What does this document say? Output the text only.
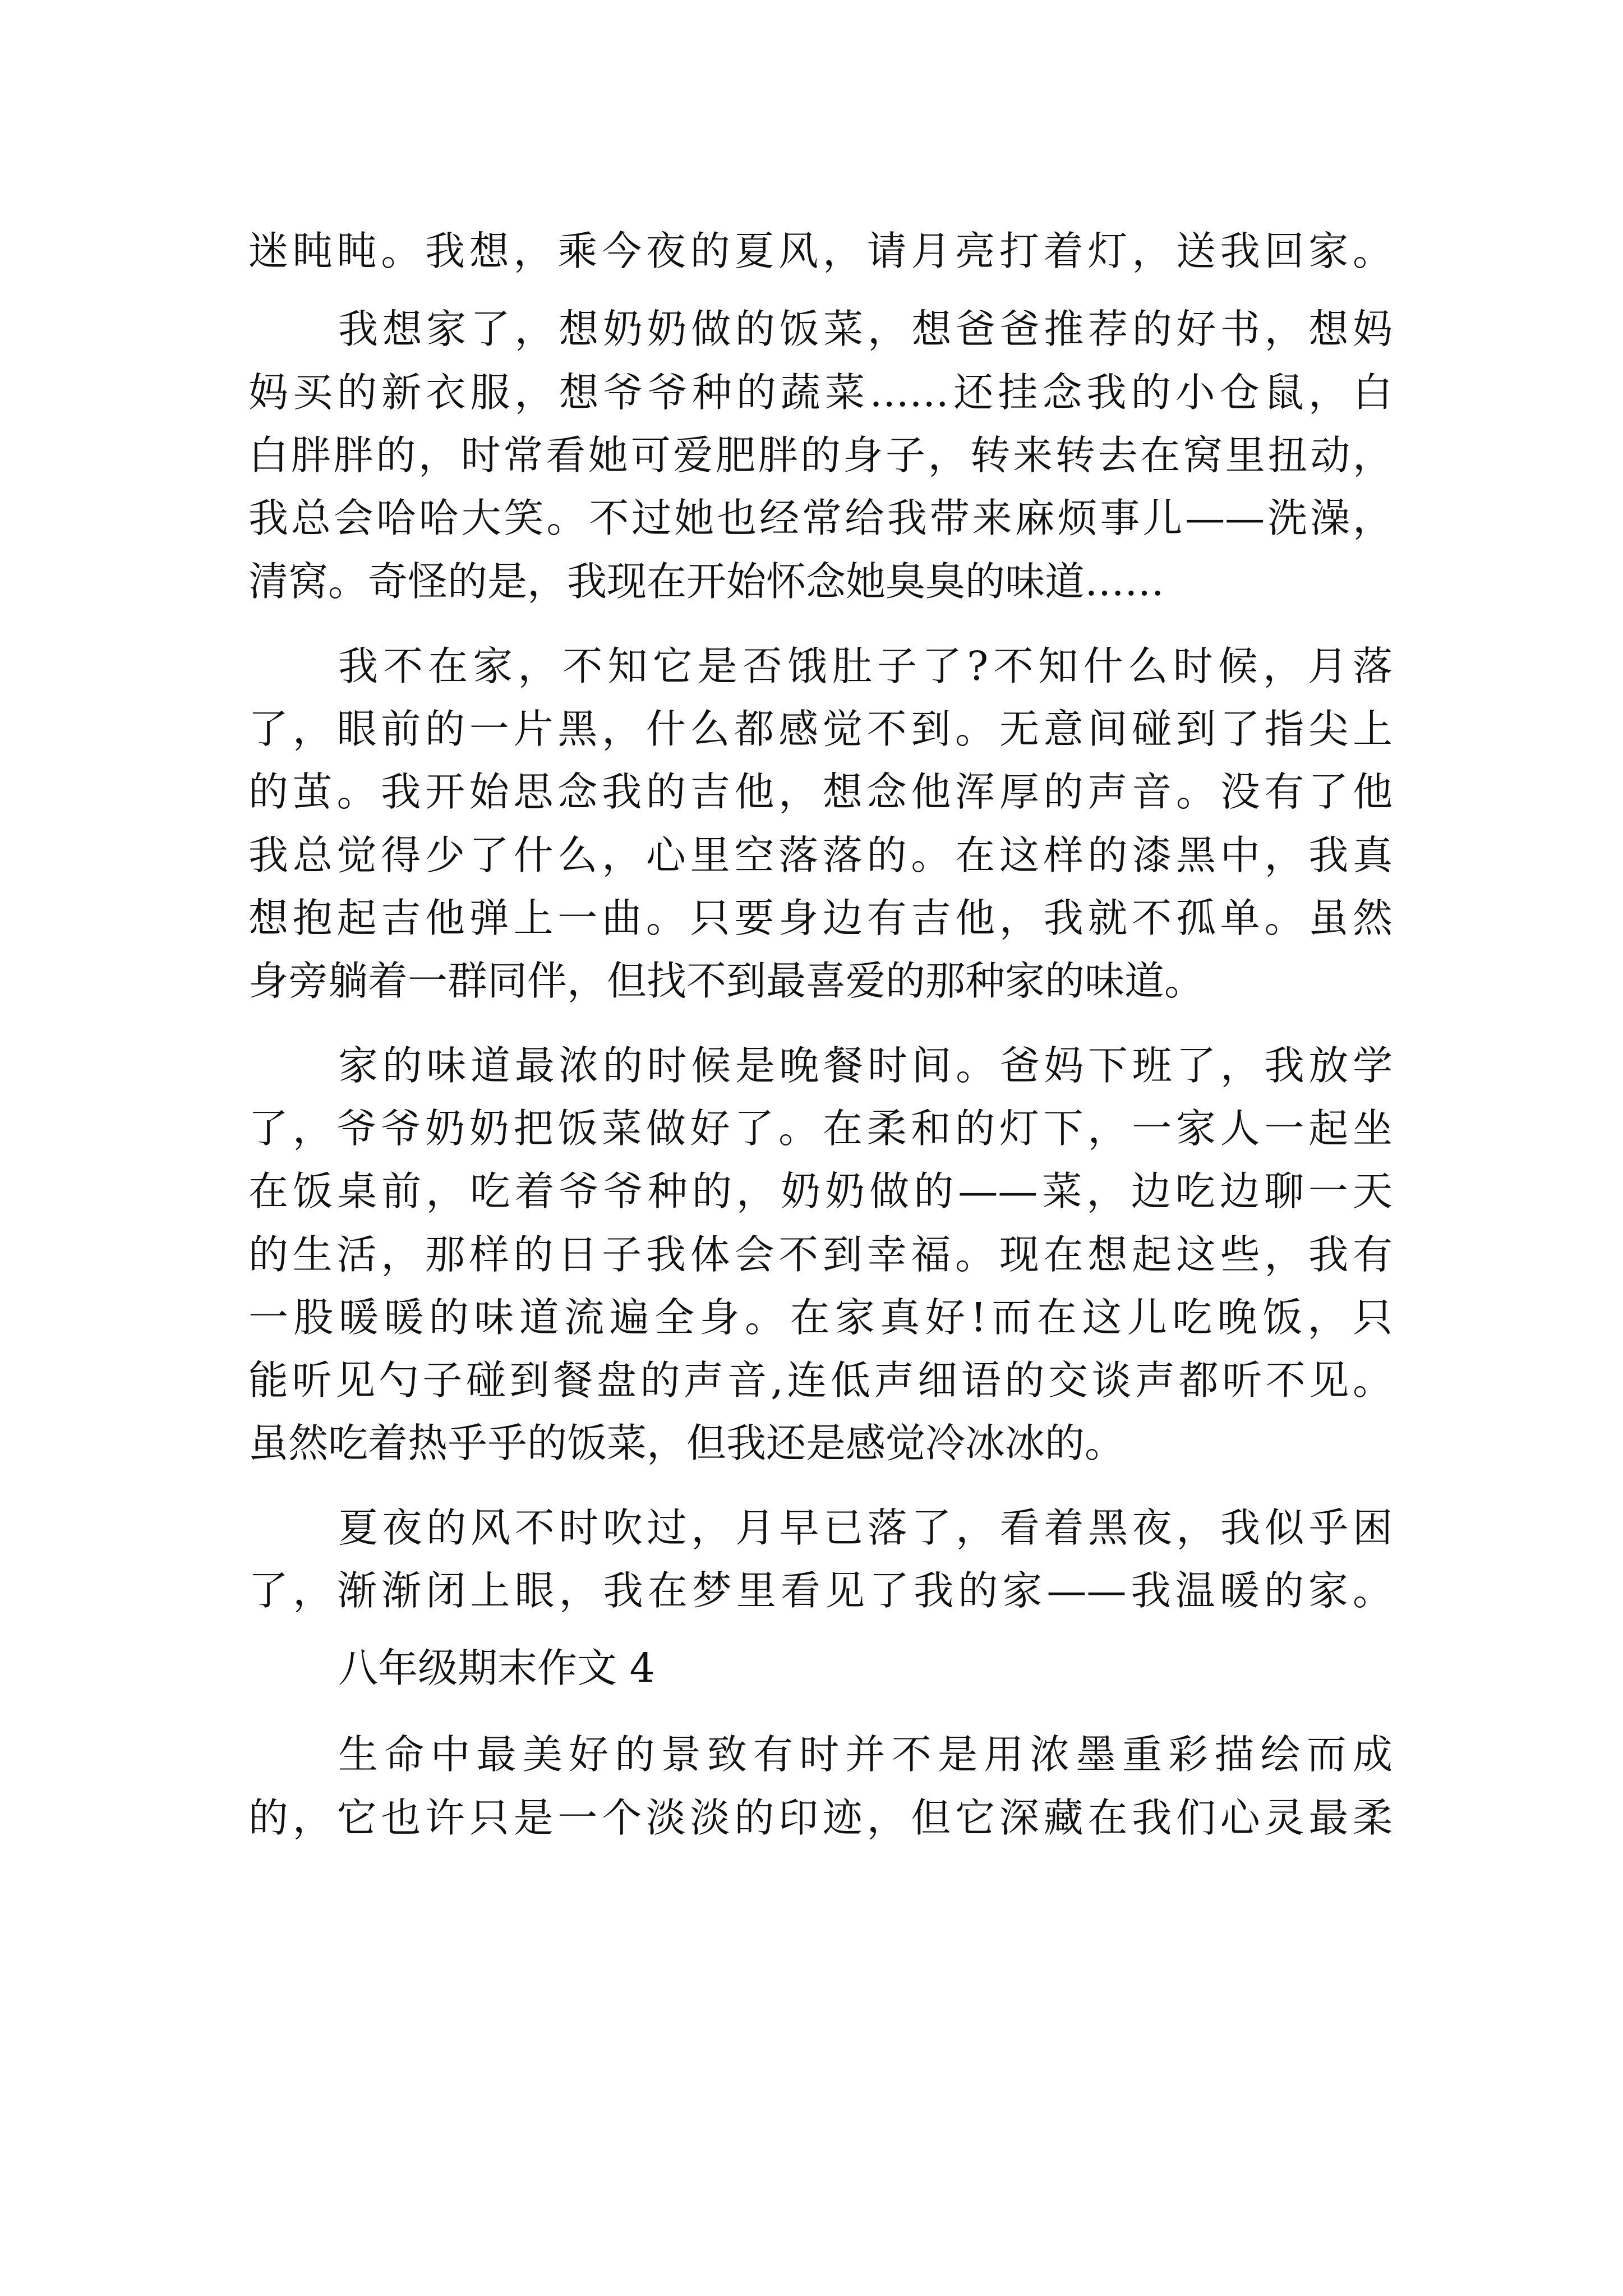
迷盹盹。我想，乘今夜的夏风，请月亮打着灯，送我回家。
我想家了，想奶奶做的饭菜，想爸爸推荐的好书，想妈
妈买的新衣服，想爷爷种的蔬菜……还挂念我的小仓鼠，白
白胖胖的，时常看她可爱肥胖的身子，转来转去在窝里扭动，
我总会哈哈大笑。不过她也经常给我带来麻烦事儿——洗澡，
清窝。奇怪的是，我现在开始怀念她臭臭的味道……
我不在家，不知它是否饿肚子了?不知什么时候，月落
了，眼前的一片黑，什么都感觉不到。无意间碰到了指尖上
的茧。我开始思念我的吉他，想念他浑厚的声音。没有了他
我总觉得少了什么，心里空落落的。在这样的漆黑中，我真
想抱起吉他弹上一曲。只要身边有吉他，我就不孤单。虽然
身旁躺着一群同伴，但找不到最喜爱的那种家的味道。
家的味道最浓的时候是晚餐时间。爸妈下班了，我放学
了，爷爷奶奶把饭菜做好了。在柔和的灯下，一家人一起坐
在饭桌前，吃着爷爷种的，奶奶做的——菜，边吃边聊一天
的生活，那样的日子我体会不到幸福。现在想起这些，我有
一股暖暖的味道流遍全身。在家真好!而在这儿吃晚饭，只
能听见勺子碰到餐盘的声音,连低声细语的交谈声都听不见。
虽然吃着热乎乎的饭菜，但我还是感觉冷冰冰的。
夏夜的风不时吹过，月早已落了，看着黑夜，我似乎困
了，渐渐闭上眼，我在梦里看见了我的家——我温暖的家。
八年级期末作文 4
生命中最美好的景致有时并不是用浓墨重彩描绘而成
的，它也许只是一个淡淡的印迹，但它深藏在我们心灵最柔
